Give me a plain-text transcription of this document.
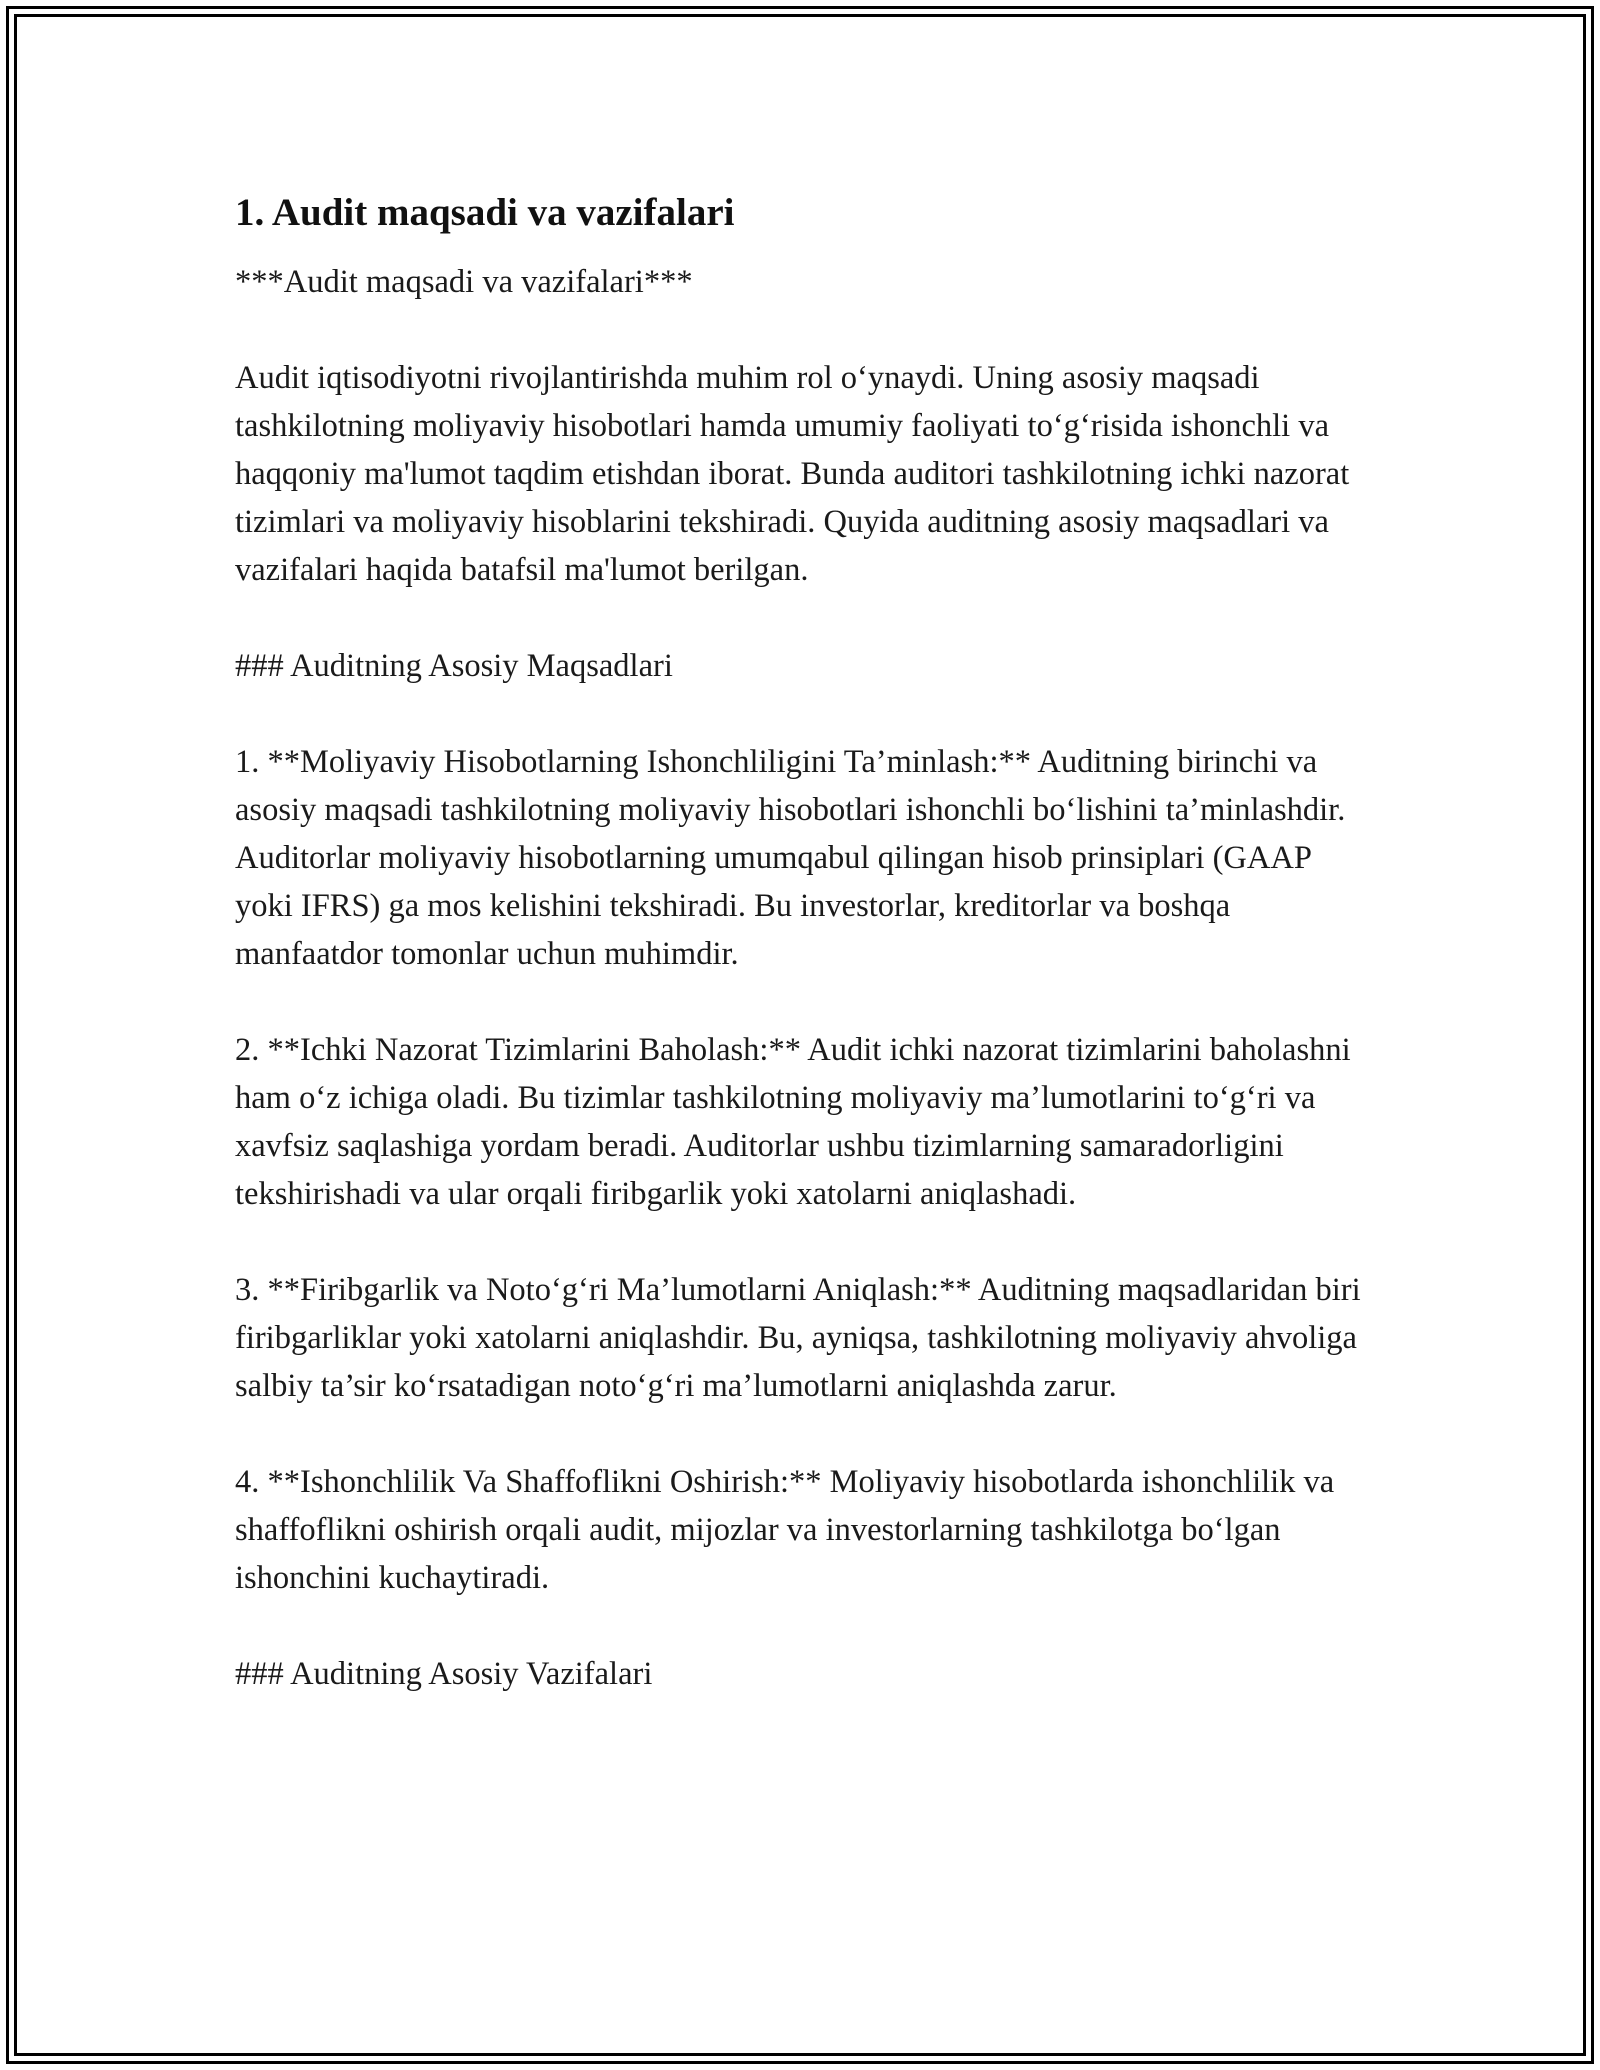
1. Audit maqsadi va vazifalari
***Audit maqsadi va vazifalari***
Audit iqtisodiyotni rivojlantirishda muhim rol o‘ynaydi. Uning asosiy maqsadi tashkilotning moliyaviy hisobotlari hamda umumiy faoliyati to‘g‘risida ishonchli va haqqoniy ma'lumot taqdim etishdan iborat. Bunda auditori tashkilotning ichki nazorat tizimlari va moliyaviy hisoblarini tekshiradi. Quyida auditning asosiy maqsadlari va vazifalari haqida batafsil ma'lumot berilgan.
### Auditning Asosiy Maqsadlari
1. **Moliyaviy Hisobotlarning Ishonchliligini Ta’minlash:** Auditning birinchi va asosiy maqsadi tashkilotning moliyaviy hisobotlari ishonchli bo‘lishini ta’minlashdir. Auditorlar moliyaviy hisobotlarning umumqabul qilingan hisob prinsiplari (GAAP yoki IFRS) ga mos kelishini tekshiradi. Bu investorlar, kreditorlar va boshqa manfaatdor tomonlar uchun muhimdir.
2. **Ichki Nazorat Tizimlarini Baholash:** Audit ichki nazorat tizimlarini baholashni ham o‘z ichiga oladi. Bu tizimlar tashkilotning moliyaviy ma’lumotlarini to‘g‘ri va xavfsiz saqlashiga yordam beradi. Auditorlar ushbu tizimlarning samaradorligini tekshirishadi va ular orqali firibgarlik yoki xatolarni aniqlashadi.
3. **Firibgarlik va Noto‘g‘ri Ma’lumotlarni Aniqlash:** Auditning maqsadlaridan biri firibgarliklar yoki xatolarni aniqlashdir. Bu, ayniqsa, tashkilotning moliyaviy ahvoliga salbiy ta’sir ko‘rsatadigan noto‘g‘ri ma’lumotlarni aniqlashda zarur.
4. **Ishonchlilik Va Shaffoflikni Oshirish:** Moliyaviy hisobotlarda ishonchlilik va shaffoflikni oshirish orqali audit, mijozlar va investorlarning tashkilotga bo‘lgan ishonchini kuchaytiradi.
### Auditning Asosiy Vazifalari
